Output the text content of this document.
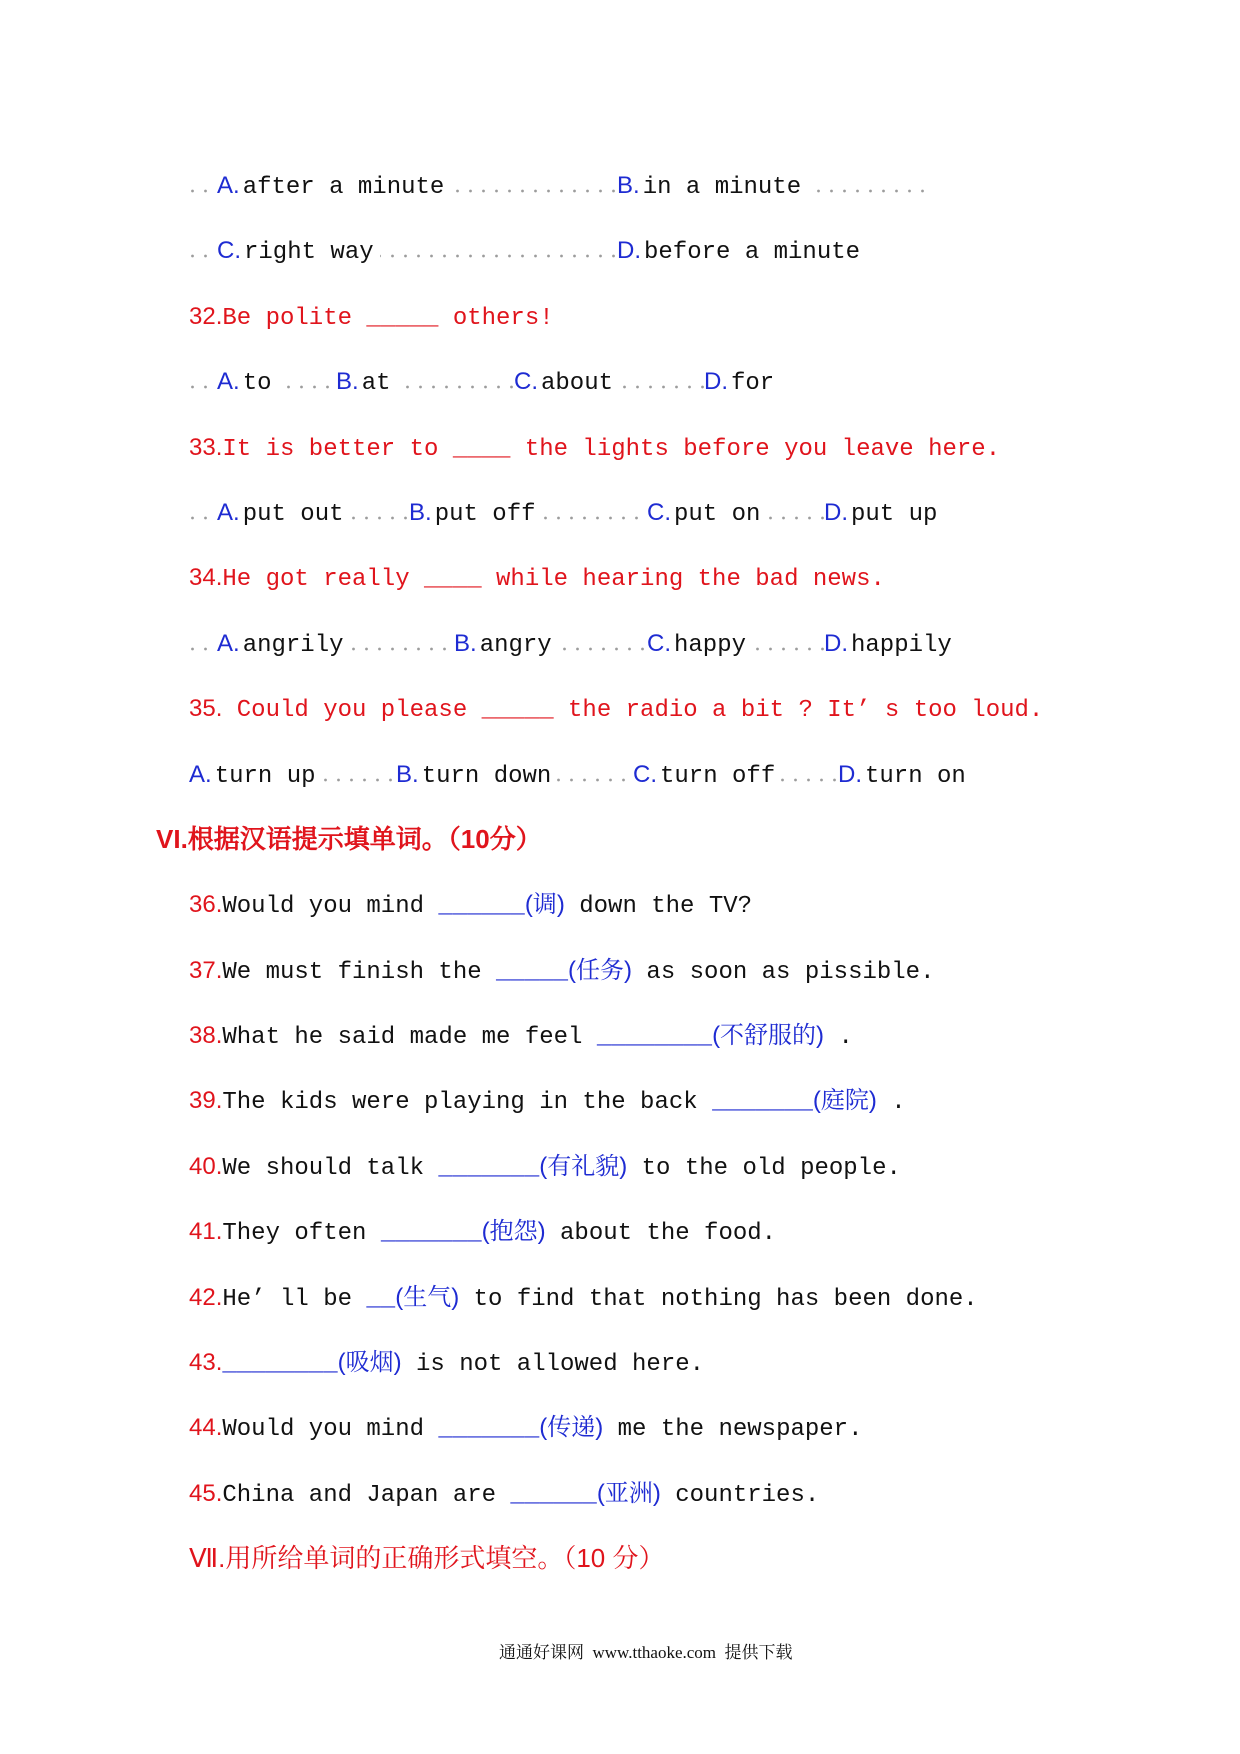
A. after a minute

	B. in a minute

C. right way

	D. before a minute

32.Be polite _____ others!

A. to

	B. at

	C. about

	D. for

33.It is better to ____ the lights before you leave here.

A. put out

	B. put off

	C. put on

	D. put up

34.He got really ____ while hearing the bad news.

A. angrily

	B. angry

	C. happy

	D. happily

35. Could you please _____ the radio a bit ? It’ s too loud.

A. turn up

	B. turn down

	C. turn off

	D. turn on

VI.根据汉语提示填单词。（10分）
36.Would you mind ______(调) down the TV?
37.We must finish the _____(任务) as soon as pissible.
38.What he said made me feel ________(不舒服的) .
39.The kids were playing in the back _______(庭院) .
40.We should talk _______(有礼貌) to the old people.
41.They often _______(抱怨) about the food.
42.He’ ll be __(生气) to find that nothing has been done.
43.________(吸烟) is not allowed here.
44.Would you mind _______(传递) me the newspaper.
45.China and Japan are ______(亚洲) countries.
Ⅶ.用所给单词的正确形式填空。（10 分）
通通好课网  www.tthaoke.com  提供下载
